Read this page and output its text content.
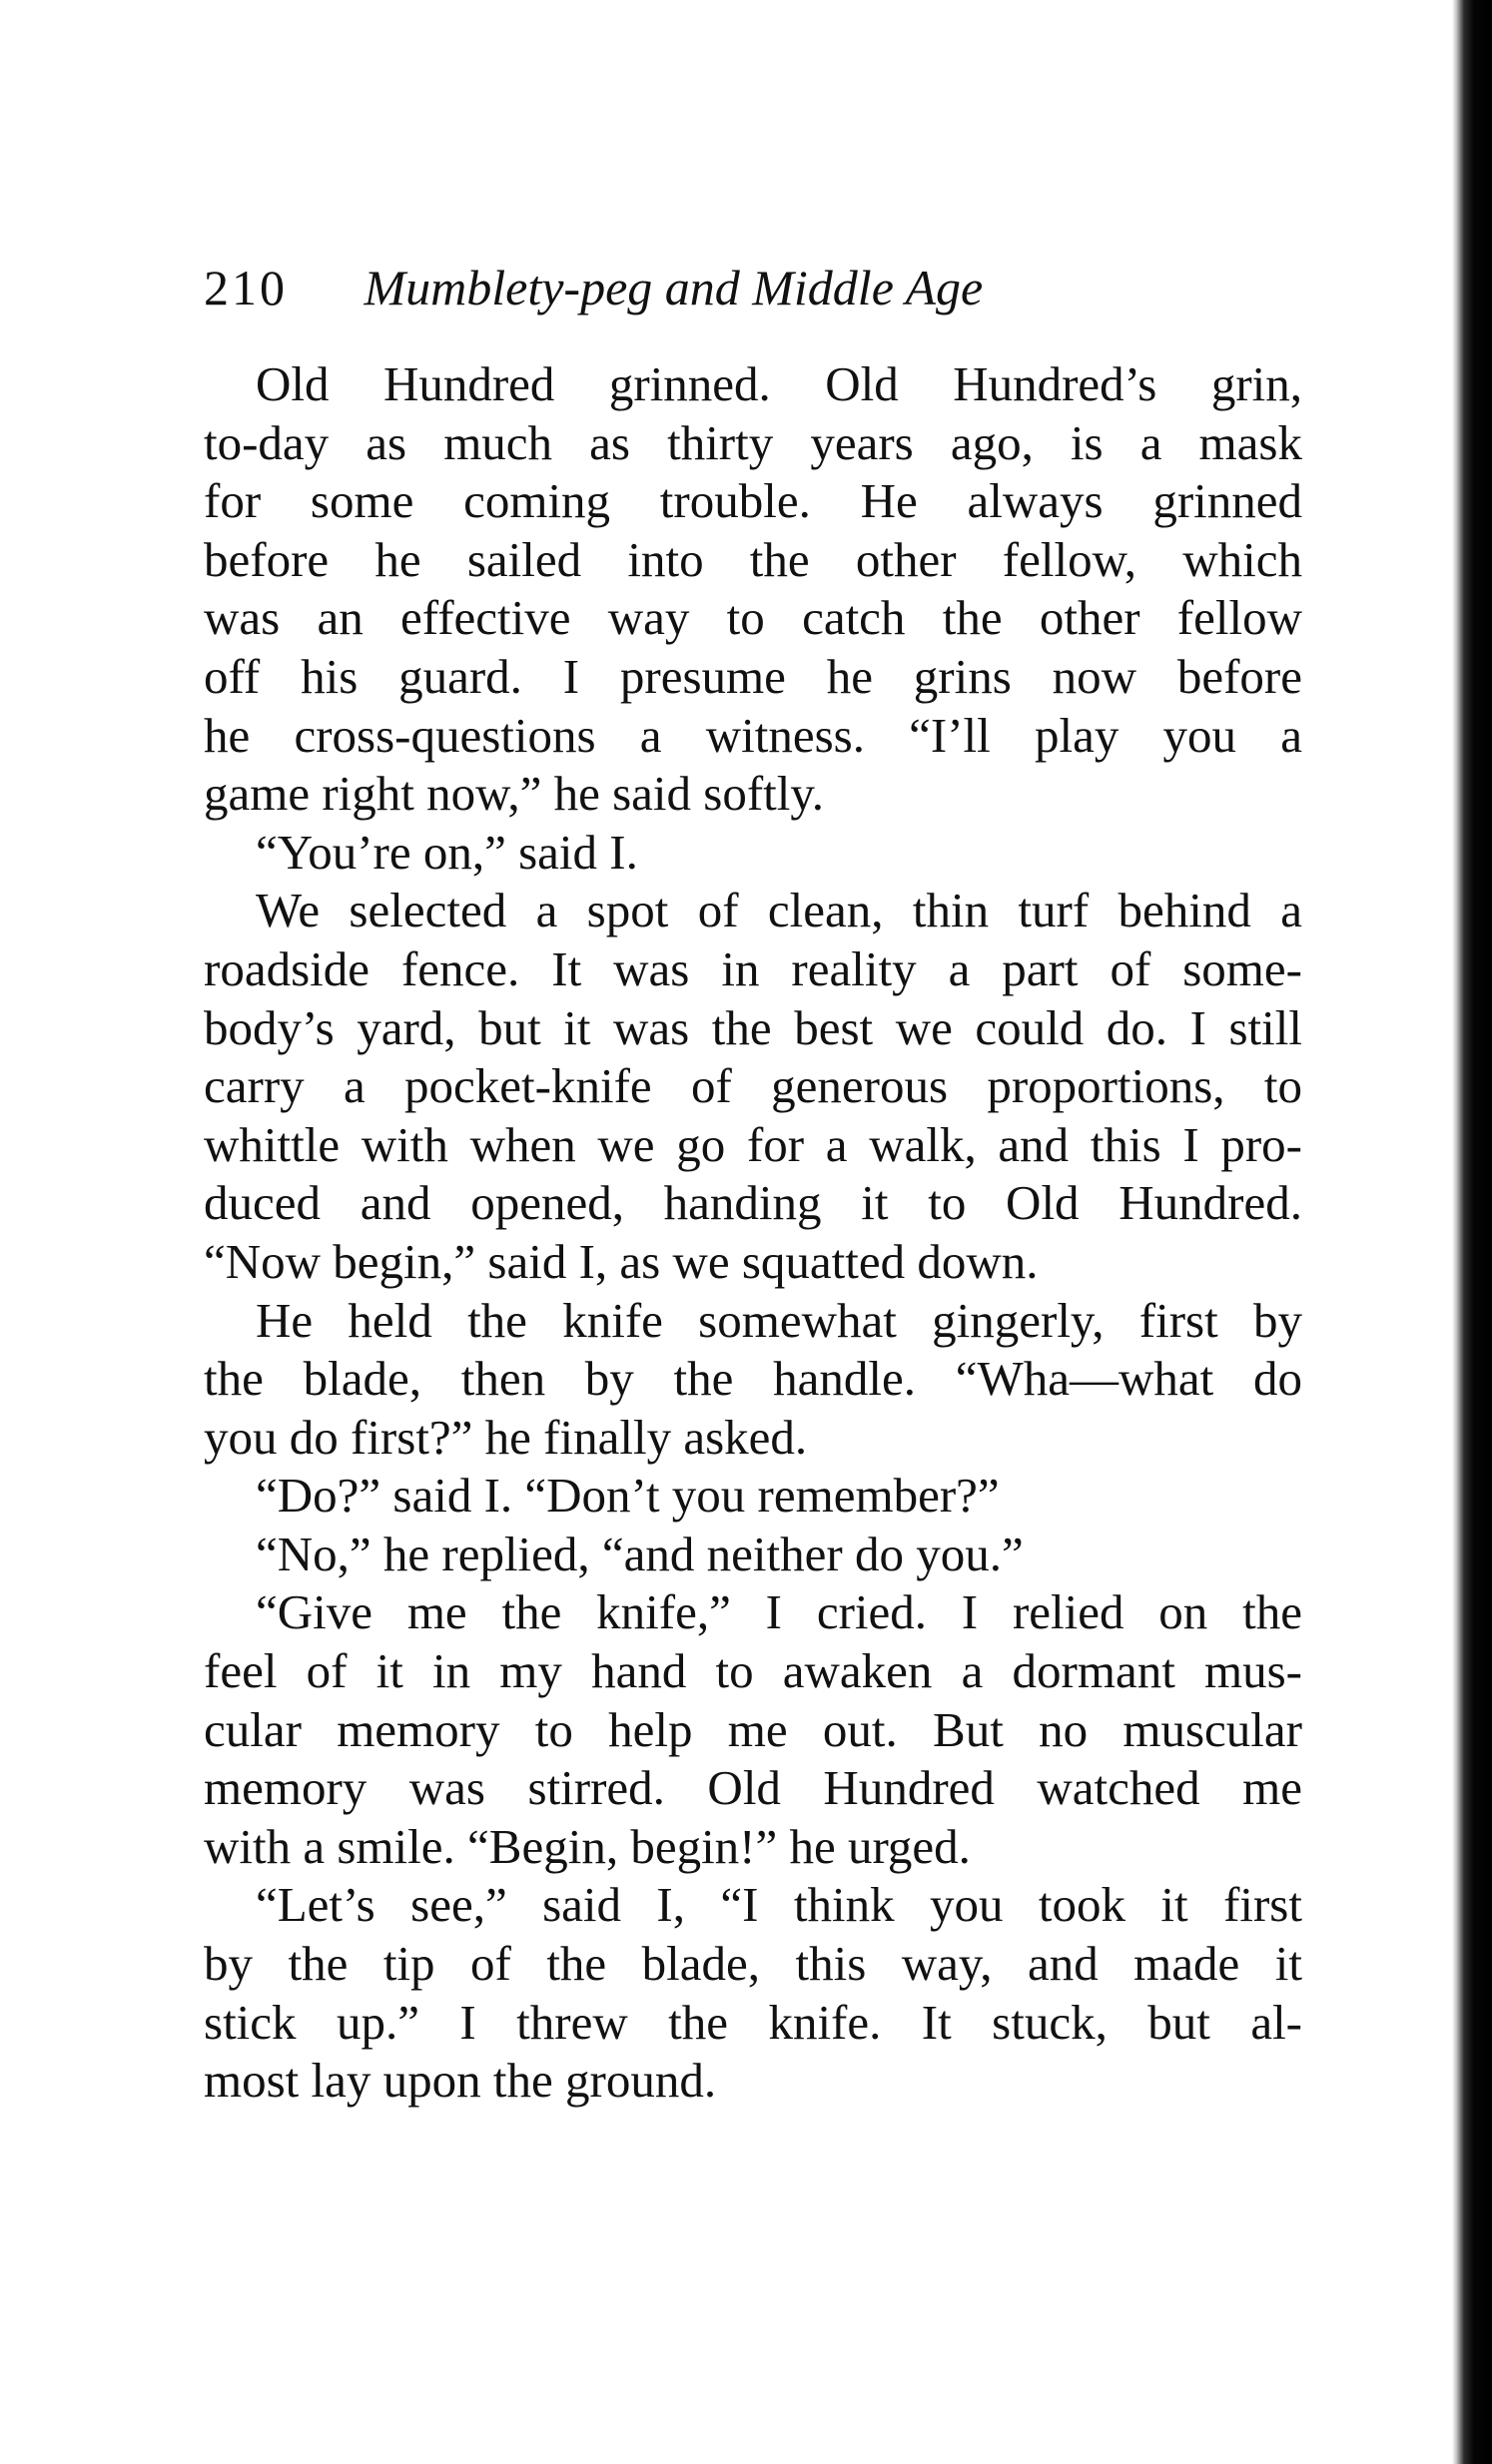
210 Mumblety-peg and Middle Age
Old Hundred grinned. Old Hundred’s grin,
to-day as much as thirty years ago, is a mask
for some coming trouble. He always grinned
before he sailed into the other fellow, which
was an effective way to catch the other fellow
off his guard. I presume he grins now before
he cross-questions a witness. “I’ll play you a
game right now,” he said softly.
“You’re on,” said I.
We selected a spot of clean, thin turf behind a
roadside fence. It was in reality a part of some-
body’s yard, but it was the best we could do. I still
carry a pocket-knife of generous proportions, to
whittle with when we go for a walk, and this I pro-
duced and opened, handing it to Old Hundred.
“Now begin,” said I, as we squatted down.
He held the knife somewhat gingerly, first by
the blade, then by the handle. “Wha—what do
you do first?” he finally asked.
“Do?” said I. “Don’t you remember?”
“No,” he replied, “and neither do you.”
“Give me the knife,” I cried. I relied on the
feel of it in my hand to awaken a dormant mus-
cular memory to help me out. But no muscular
memory was stirred. Old Hundred watched me
with a smile. “Begin, begin!” he urged.
“Let’s see,” said I, “I think you took it first
by the tip of the blade, this way, and made it
stick up.” I threw the knife. It stuck, but al-
most lay upon the ground.
